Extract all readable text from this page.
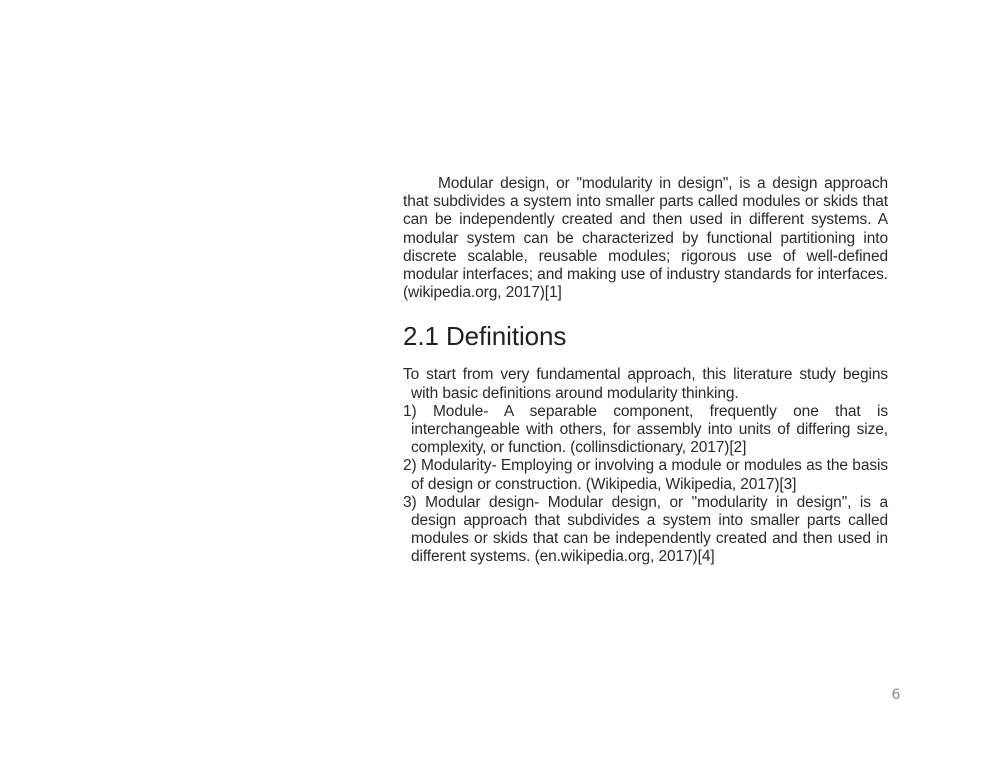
Modular design, or "modularity in design", is a design approach that subdivides a system into smaller parts called modules or skids that can be independently created and then used in different systems. A modular system can be characterized by functional partitioning into discrete scalable, reusable modules; rigorous use of well-defined modular interfaces; and making use of industry standards for interfaces. (wikipedia.org, 2017)[1]

2.1 Definitions

To start from very fundamental approach, this literature study begins with basic definitions around modularity thinking.

1) Module- A separable component, frequently one that is interchangeable with others, for assembly into units of differing size, complexity, or function. (collinsdictionary, 2017)[2]

2) Modularity- Employing or involving a module or modules as the basis of design or construction. (Wikipedia, Wikipedia, 2017)[3]

3) Modular design- Modular design, or "modularity in design", is a design approach that subdivides a system into smaller parts called modules or skids that can be independently created and then used in different systems. (en.wikipedia.org, 2017)[4]

6
